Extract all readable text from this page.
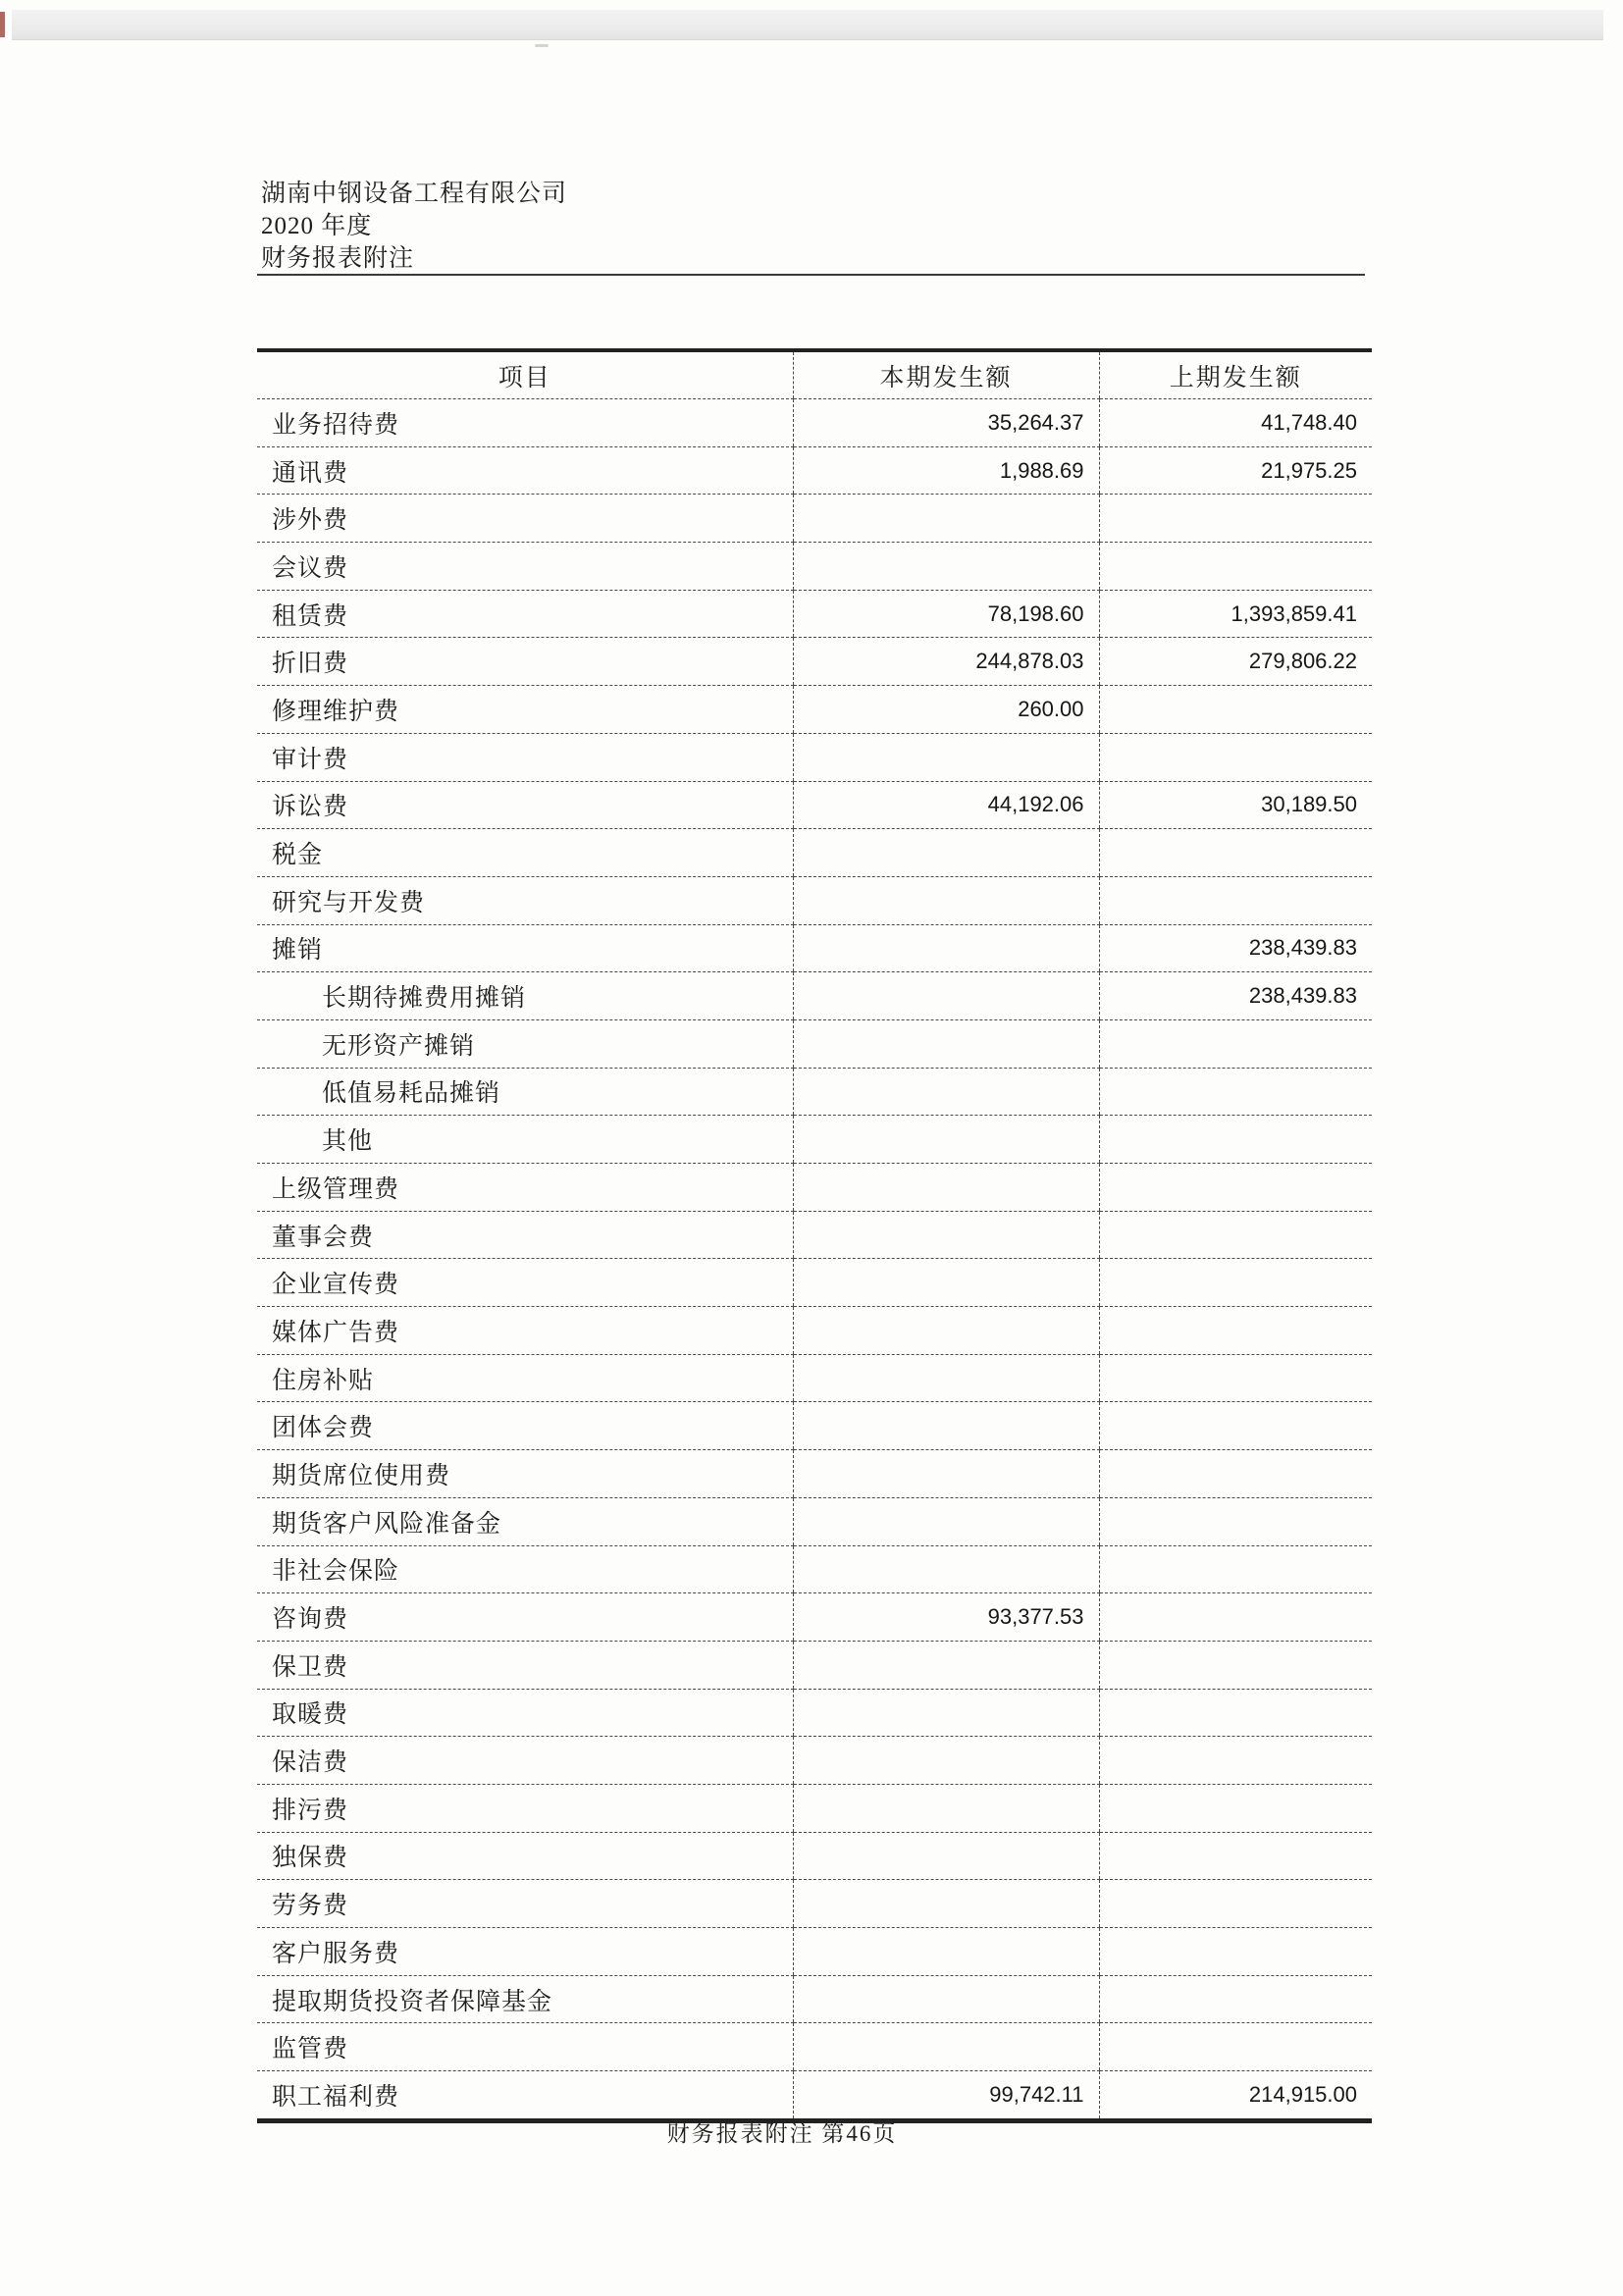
湖南中钢设备工程有限公司
2020 年度
财务报表附注
项目	本期发生额	上期发生额
业务招待费	35,264.37	41,748.40
通讯费	1,988.69	21,975.25
涉外费		
会议费		
租赁费	78,198.60	1,393,859.41
折旧费	244,878.03	279,806.22
修理维护费	260.00	
审计费		
诉讼费	44,192.06	30,189.50
税金		
研究与开发费		
摊销		238,439.83
长期待摊费用摊销		238,439.83
无形资产摊销		
低值易耗品摊销		
其他		
上级管理费		
董事会费		
企业宣传费		
媒体广告费		
住房补贴		
团体会费		
期货席位使用费		
期货客户风险准备金		
非社会保险		
咨询费	93,377.53	
保卫费		
取暖费		
保洁费		
排污费		
独保费		
劳务费		
客户服务费		
提取期货投资者保障基金		
监管费		
职工福利费	99,742.11	214,915.00
财务报表附注 第46页
